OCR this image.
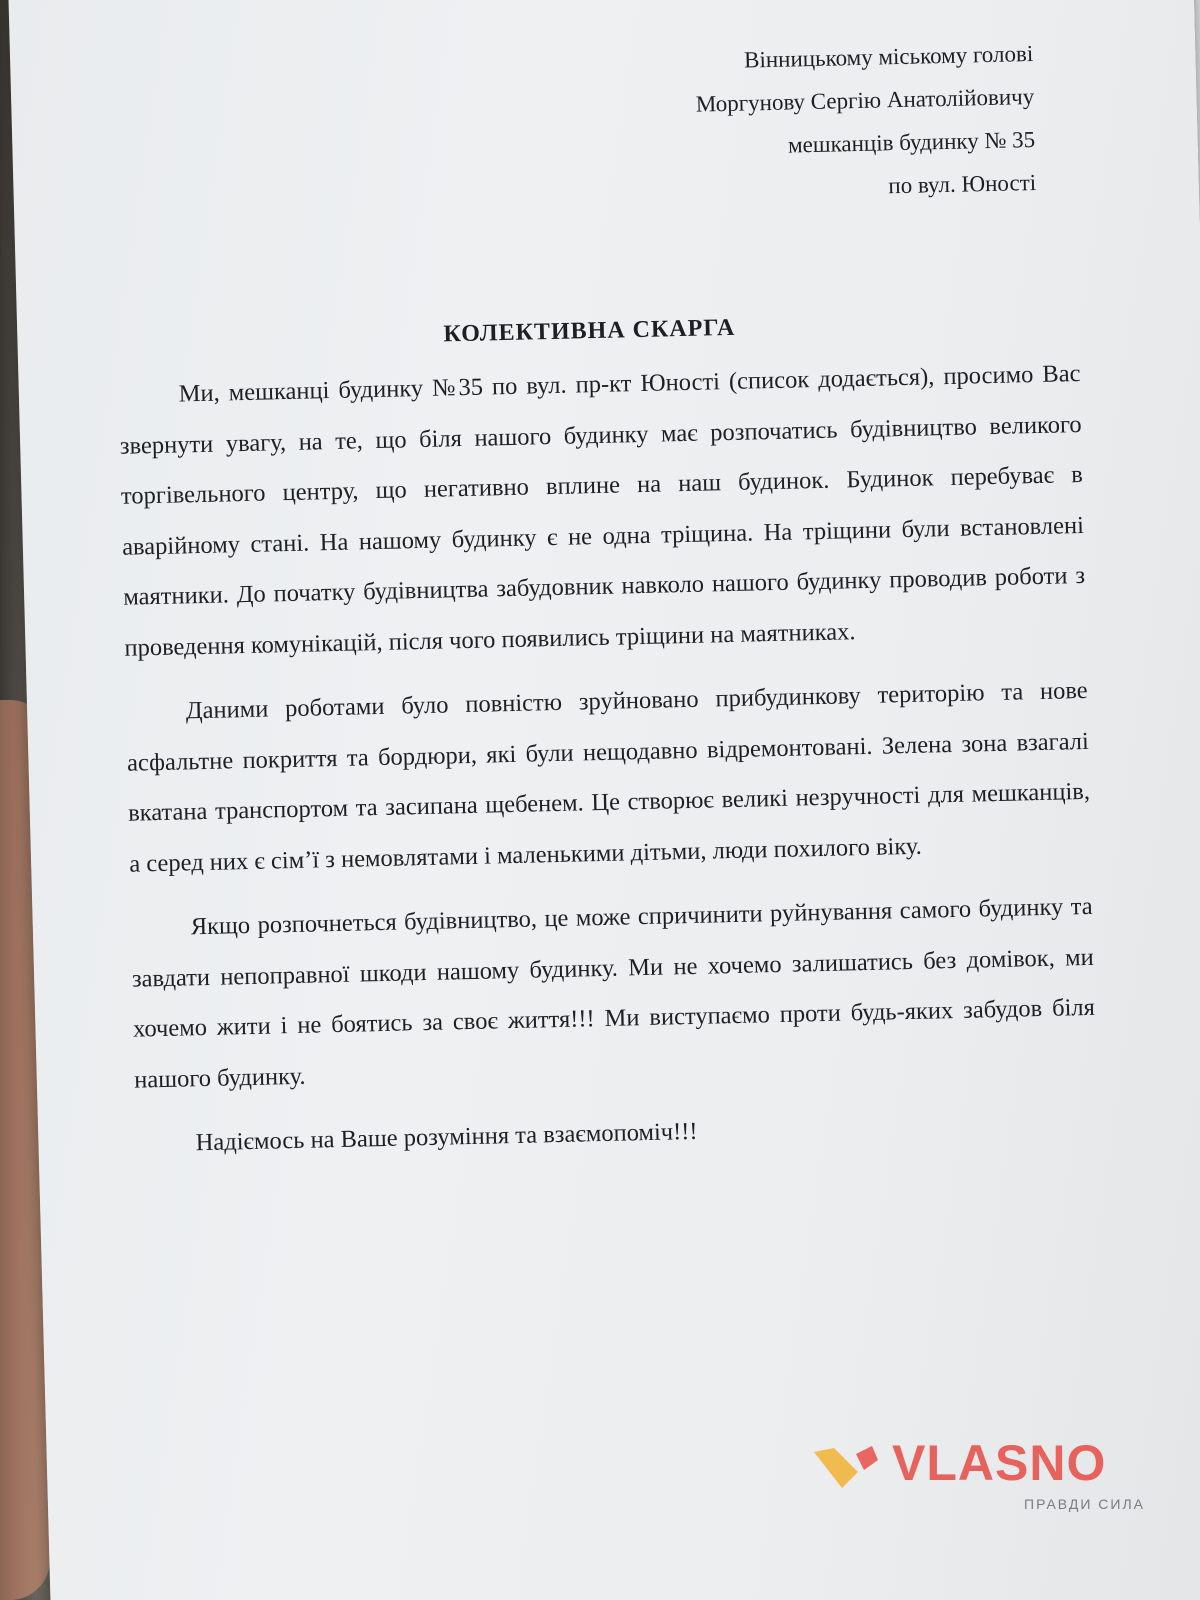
Вінницькому міському голові
Моргунову Сергію Анатолійовичу
мешканців будинку № 35
по вул. Юності
КОЛЕКТИВНА СКАРГА

Ми, мешканці будинку №35 по вул. пр-кт Юності (список додається), просимо Вас звернути увагу, на те, що біля нашого будинку має розпочатись будівництво великого торгівельного центру, що негативно вплине на наш будинок. Будинок перебуває в аварійному стані. На нашому будинку є не одна тріщина. На тріщини були встановлені маятники. До початку будівництва забудовник навколо нашого будинку проводив роботи з проведення комунікацій, після чого появились тріщини на маятниках.

Даними роботами було повністю зруйновано прибудинкову територію та нове асфальтне покриття та бордюри, які були нещодавно відремонтовані. Зелена зона взагалі вкатана транспортом та засипана щебенем. Це створює великі незручності для мешканців, а серед них є сім’ї з немовлятами і маленькими дітьми, люди похилого віку.

Якщо розпочнеться будівництво, це може спричинити руйнування самого будинку та завдати непоправної шкоди нашому будинку. Ми не хочемо залишатись без домівок, ми хочемо жити і не боятись за своє життя!!! Ми виступаємо проти будь-яких забудов біля нашого будинку.

Надіємось на Ваше розуміння та взаємопоміч!!!

VLASNO
ПРАВДИ СИЛА
